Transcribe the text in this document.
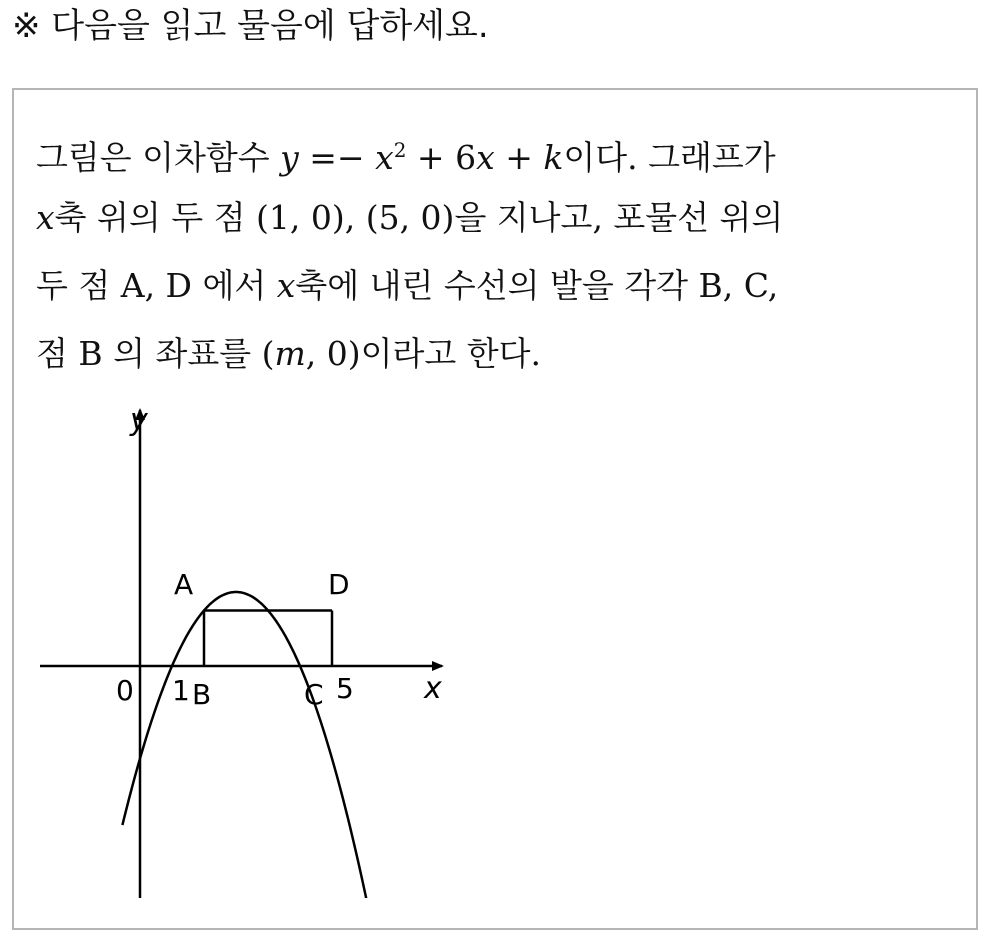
※ 다음을 읽고 물음에 답하세요.
그림은 이차함수 $y =- x^2 + 6x + k$이다. 그래프가
x축 위의 두 점 (1, 0), (5, 0)을 지나고, 포물선 위의
두 점 A, D 에서 x축에 내린 수선의 발을 각각 B, C,
점 B 의 좌표를 (m, 0)이라고 한다.
y
x
0 1 B	C 5
A	D
